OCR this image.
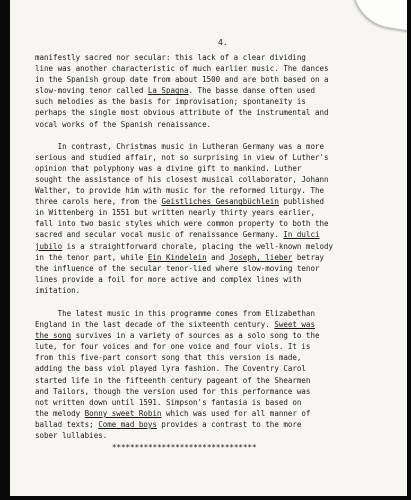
4.
manifestly sacred nor secular: this lack of a clear dividing
line was another characteristic of much earlier music. The dances
in the Spanish group date from about 1500 and are both based on a
slow-moving tenor called La Spagna. The basse danse often used
such melodies as the basis for improvisation; spontaneity is
perhaps the single most obvious attribute of the instrumental and
vocal works of the Spanish renaissance.
In contrast, Christmas music in Lutheran Germany was a more
serious and studied affair, not so surprising in view of Luther's
opinion that polyphony was a divine gift to mankind. Luther
sought the assistance of his closest musical collaborator, Johann
Walther, to provide him with music for the reformed liturgy. The
three carols here, from the Geistliches Gesangbüchlein published
in Wittenberg in 1551 but written nearly thirty years earlier,
fall into two basic styles which were common property to both the
sacred and secular vocal music of renaissance Germany. In dulci
jubilo is a straightforward chorale, placing the well-known melody
in the tenor part, while Ein Kindelein and Joseph, lieber betray
the influence of the secular tenor-lied where slow-moving tenor
lines provide a foil for more active and complex lines with
imitation.
The latest music in this programme comes from Elizabethan
England in the last decade of the sixteenth century. Sweet was
the song survives in a variety of sources as a solo song to the
lute, for four voices and for one voice and four viols. It is
from this five-part consort song that this version is made,
adding the bass viol played lyra fashion. The Coventry Carol
started life in the fifteenth century pageant of the Shearmen
and Tailors, though the version used for this performance was
not written down until 1591. Simpson's fantasia is based on
the melody Bonny sweet Robin which was used for all manner of
ballad texts; Come mad boys provides a contrast to the more
sober lullabies.
********************************
